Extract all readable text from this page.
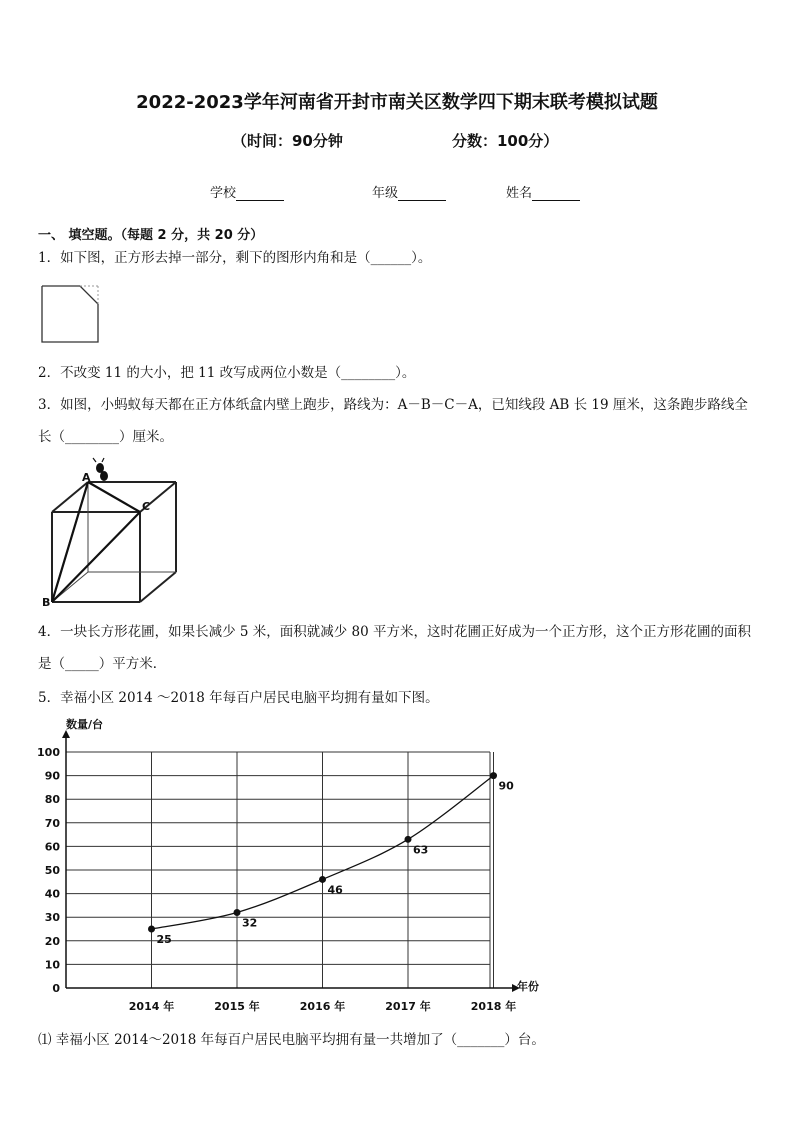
2022-2023学年河南省开封市南关区数学四下期末联考模拟试题
（时间：90分钟	分数：100分）
学校	年级	姓名
一、 填空题。（每题 2 分，共 20 分）
1．如下图，正方形去掉一部分，剩下的图形内角和是（______）。
2．不改变 11 的大小，把 11 改写成两位小数是（________）。
3．如图，小蚂蚁每天都在正方体纸盒内壁上跑步，路线为：A－B－C－A，已知线段 AB 长 19 厘米，这条跑步路线全长（________）厘米。
A
B
C
4．一块长方形花圃，如果长减少 5 米，面积就减少 80 平方米，这时花圃正好成为一个正方形，这个正方形花圃的面积是（_____）平方米．
5．幸福小区 2014 ～2018 年每百户居民电脑平均拥有量如下图。
0
10
20
30
40
50
60
70
80
90
100
2014 年	2015 年	2016 年	2017 年	2018 年
25
32
46
63
90
数量/台
年份
⑴ 幸福小区 2014～2018 年每百户居民电脑平均拥有量一共增加了（_______）台。
